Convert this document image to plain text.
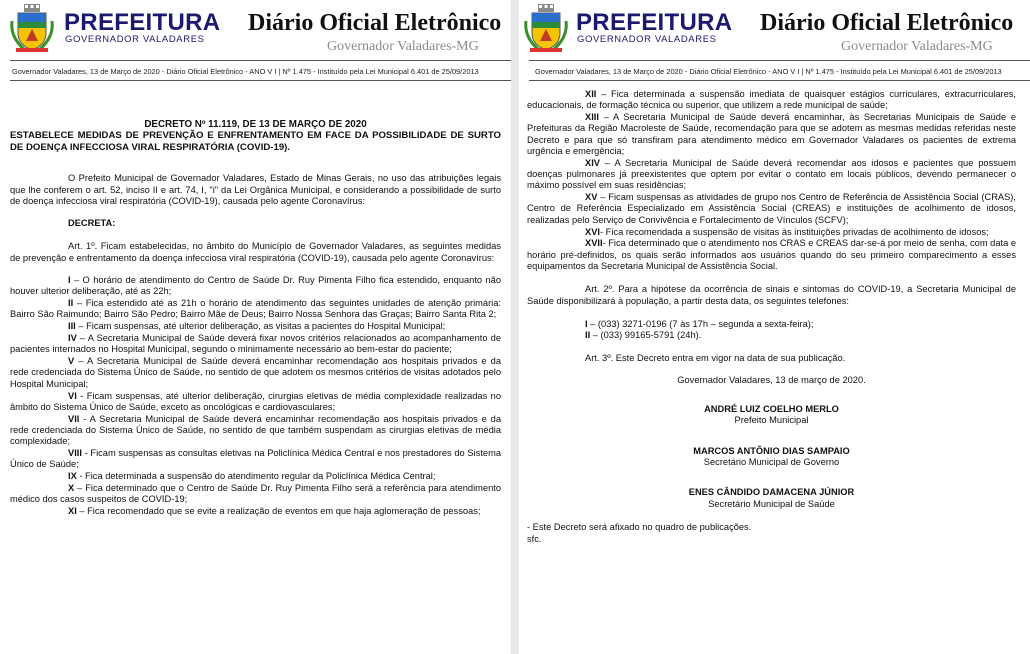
PREFEITURA
GOVERNADOR VALADARES
Diário Oficial Eletrônico
Governador Valadares-MG
Governador Valadares, 13 de Março de 2020 - Diário Oficial Eletrônico - ANO V I | Nº 1.475 - Instituído pela Lei Municipal 6.401 de 25/09/2013

DECRETO Nº 11.119, DE 13 DE MARÇO DE 2020

ESTABELECE MEDIDAS DE PREVENÇÃO E ENFRENTAMENTO EM FACE DA POSSIBILIDADE DE SURTO DE DOENÇA INFECCIOSA VIRAL RESPIRATÓRIA (COVID-19).

O Prefeito Municipal de Governador Valadares, Estado de Minas Gerais, no uso das atribuições legais que lhe conferem o art. 52, inciso II e art. 74, I, "i" da Lei Orgânica Municipal, e considerando a possibilidade de surto de doença infecciosa viral respiratória (COVID-19), causada pelo agente Coronavírus:

DECRETA:

Art. 1º. Ficam estabelecidas, no âmbito do Município de Governador Valadares, as seguintes medidas de prevenção e enfrentamento da doença infecciosa viral respiratória (COVID-19), causada pelo agente Coronavírus:

I – O horário de atendimento do Centro de Saúde Dr. Ruy Pimenta Filho fica estendido, enquanto não houver ulterior deliberação, até as 22h;

II – Fica estendido até as 21h o horário de atendimento das seguintes unidades de atenção primária: Bairro São Raimundo; Bairro São Pedro; Bairro Mãe de Deus; Bairro Nossa Senhora das Graças; Bairro Santa Rita 2;

III – Ficam suspensas, até ulterior deliberação, as visitas a pacientes do Hospital Municipal;

IV – A Secretaria Municipal de Saúde deverá fixar novos critérios relacionados ao acompanhamento de pacientes internados no Hospital Municipal, segundo o minimamente necessário ao bem-estar do paciente;

V – A Secretaria Municipal de Saúde deverá encaminhar recomendação aos hospitais privados e da rede credenciada do Sistema Único de Saúde, no sentido de que adotem os mesmos critérios de visitas adotados pelo Hospital Municipal;

VI - Ficam suspensas, até ulterior deliberação, cirurgias eletivas de média complexidade realizadas no âmbito do Sistema Único de Saúde, exceto as oncológicas e cardiovasculares;

VII - A Secretaria Municipal de Saúde deverá encaminhar recomendação aos hospitais privados e da rede credenciada do Sistema Único de Saúde, no sentido de que também suspendam as cirurgias eletivas de média complexidade;

VIII - Ficam suspensas as consultas eletivas na Policlínica Médica Central e nos prestadores do Sistema Único de Saúde;

IX - Fica determinada a suspensão do atendimento regular da Policlínica Médica Central;

X – Fica determinado que o Centro de Saúde Dr. Ruy Pimenta Filho será a referência para atendimento médico dos casos suspeitos de COVID-19;

XI – Fica recomendado que se evite a realização de eventos em que haja aglomeração de pessoas;

PREFEITURA
GOVERNADOR VALADARES
Diário Oficial Eletrônico
Governador Valadares-MG
Governador Valadares, 13 de Março de 2020 - Diário Oficial Eletrônico - ANO V I | Nº 1.475 - Instituído pela Lei Municipal 6.401 de 25/09/2013

XII – Fica determinada a suspensão imediata de quaisquer estágios curriculares, extracurriculares, educacionais, de formação técnica ou superior, que utilizem a rede municipal de saúde;

XIII – A Secretaria Municipal de Saúde deverá encaminhar, às Secretarias Municipais de Saúde e Prefeituras da Região Macroleste de Saúde, recomendação para que se adotem as mesmas medidas referidas neste Decreto e para que só transfiram para atendimento médico em Governador Valadares os pacientes de extrema urgência e emergência;

XIV – A Secretaria Municipal de Saúde deverá recomendar aos idosos e pacientes que possuem doenças pulmonares já preexistentes que optem por evitar o contato em locais públicos, devendo permanecer o máximo possível em suas residências;

XV – Ficam suspensas as atividades de grupo nos Centro de Referência de Assistência Social (CRAS), Centro de Referência Especializado em Assistência Social (CREAS) e instituições de acolhimento de idosos, realizadas pelo Serviço de Convivência e Fortalecimento de Vínculos (SCFV);

XVI- Fica recomendada a suspensão de visitas às instituições privadas de acolhimento de idosos;

XVII- Fica determinado que o atendimento nos CRAS e CREAS dar-se-á por meio de senha, com data e horário pré-definidos, os quais serão informados aos usuários quando do seu primeiro comparecimento a esses equipamentos da Secretaria Municipal de Assistência Social.

Art. 2º. Para a hipótese da ocorrência de sinais e sintomas do COVID-19, a Secretaria Municipal de Saúde disponibilizará à população, a partir desta data, os seguintes telefones:

I – (033) 3271-0196 (7 às 17h – segunda a sexta-feira);

II – (033) 99165-5791 (24h).

Art. 3º. Este Decreto entra em vigor na data de sua publicação.

Governador Valadares, 13 de março de 2020.

ANDRÉ LUIZ COELHO MERLO
Prefeito Municipal
MARCOS ANTÔNIO DIAS SAMPAIO
Secretário Municipal de Governo
ENES CÂNDIDO DAMACENA JÚNIOR
Secretário Municipal de Saúde

- Este Decreto será afixado no quadro de publicações.

sfc.
